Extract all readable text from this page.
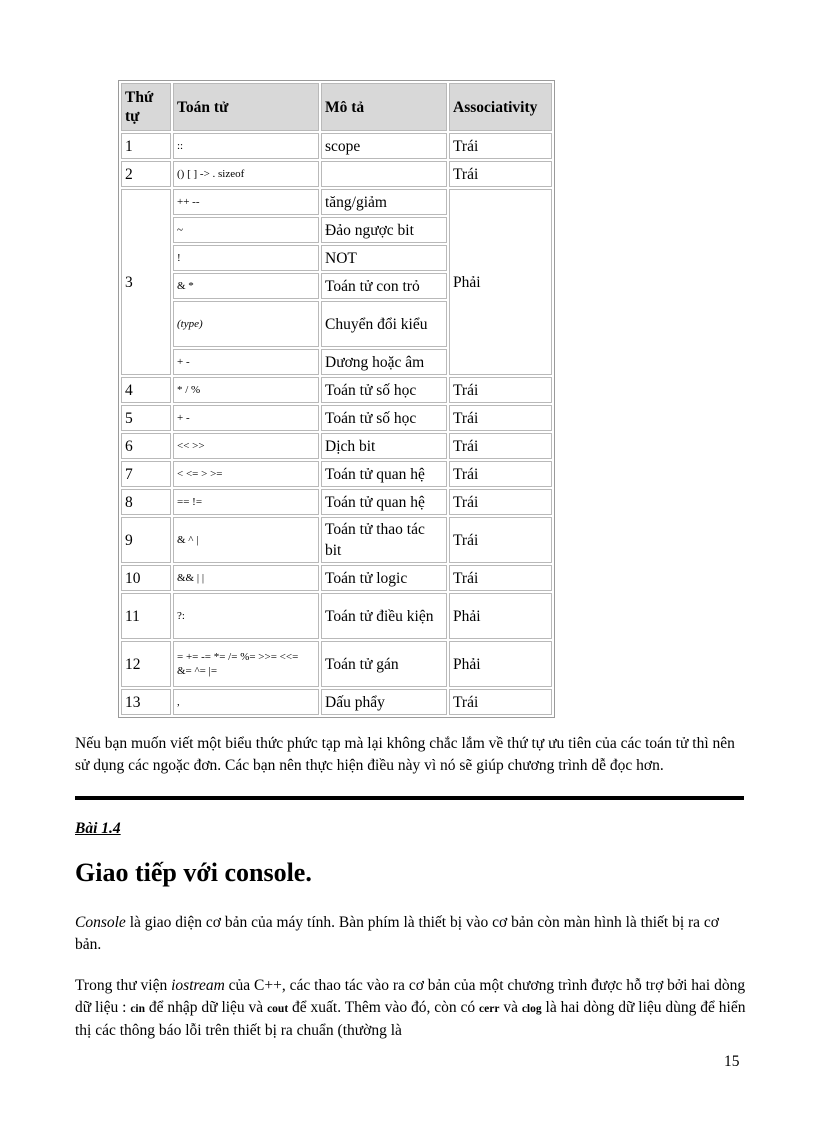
Thứ tự	Toán tử	Mô tả	Associativity
1	::	scope	Trái
2	() [ ] -> . sizeof		Trái
3	++ --	tăng/giảm	Phải
	~	Đảo ngược bit	
	!	NOT	
	& *	Toán tử con trỏ	
	(type)	Chuyển đổi kiểu	
	+ -	Dương hoặc âm	
4	* / %	Toán tử số học	Trái
5	+ -	Toán tử số học	Trái
6	<< >>	Dịch bit	Trái
7	< <= > >=	Toán tử quan hệ	Trái
8	== !=	Toán tử quan hệ	Trái
9	& ^ |	Toán tử thao tác bit	Trái
10	&& | |	Toán tử logic	Trái
11	?:	Toán tử điều kiện	Phải
12	= += -= *= /= %= >>= <<= &= ^= |=	Toán tử gán	Phải
13	,	Dấu phẩy	Trái

Nếu bạn muốn viết một biểu thức phức tạp mà lại không chắc lắm về thứ tự ưu tiên của các toán tử thì nên sử dụng các ngoặc đơn. Các bạn nên thực hiện điều này vì nó sẽ giúp chương trình dễ đọc hơn.

Bài 1.4

Giao tiếp với console.

Console là giao diện cơ bản của máy tính. Bàn phím là thiết bị vào cơ bản còn màn hình là thiết bị ra cơ bản.

Trong thư viện iostream của C++, các thao tác vào ra cơ bản của một chương trình được hỗ trợ bởi hai dòng dữ liệu : cin để nhập dữ liệu và cout để xuất. Thêm vào đó, còn có cerr và clog là hai dòng dữ liệu dùng để hiển thị các thông báo lỗi trên thiết bị ra chuẩn (thường là

15
